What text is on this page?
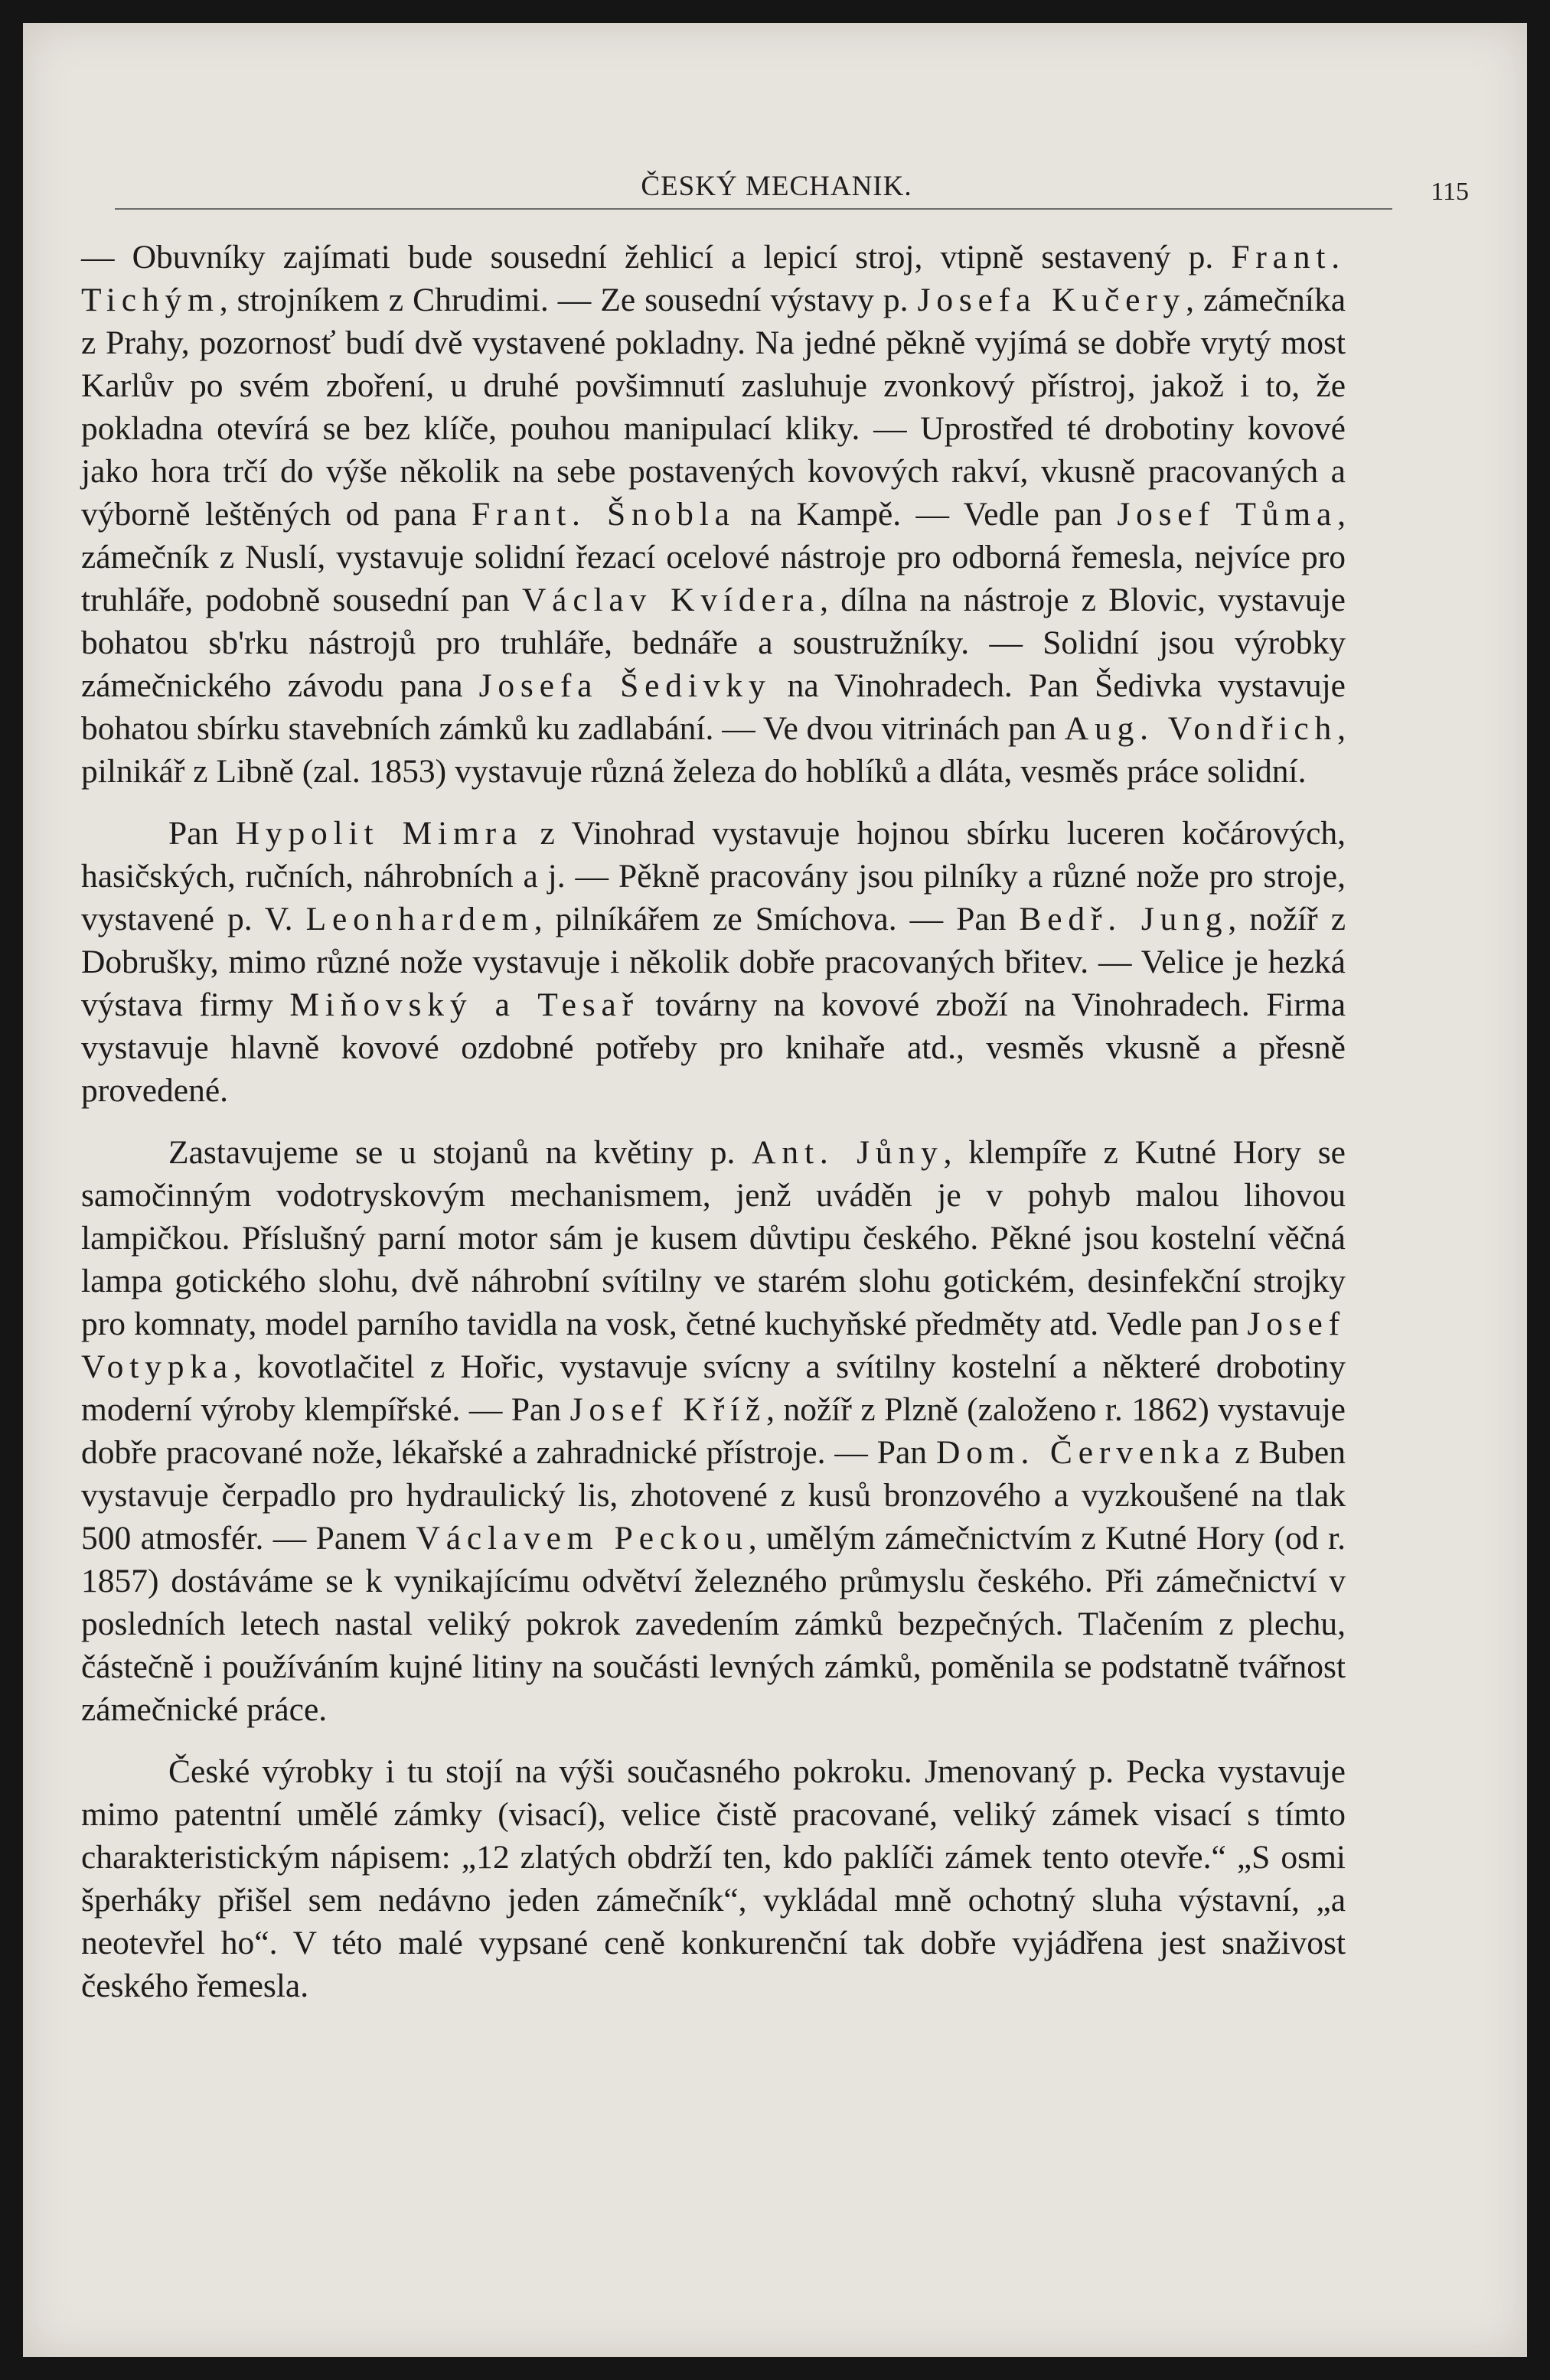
ČESKÝ MECHANIK.	115

— Obuvníky zajímati bude sousední žehlicí a lepicí stroj, vtipně sestavený p. Frant. Tichým, strojníkem z Chrudimi. — Ze sousední výstavy p. Josefa Kučery, zámečníka z Prahy, pozornosť budí dvě vystavené pokladny. Na jedné pěkně vyjímá se dobře vrytý most Karlův po svém zboření, u druhé povšimnutí zasluhuje zvonkový přístroj, jakož i to, že pokladna otevírá se bez klíče, pouhou manipulací kliky. — Uprostřed té drobotiny kovové jako hora trčí do výše několik na sebe postavených kovových rakví, vkusně pracovaných a výborně leštěných od pana Frant. Šnobla na Kampě. — Vedle pan Josef Tůma, zámečník z Nuslí, vystavuje solidní řezací ocelové nástroje pro odborná řemesla, nejvíce pro truhláře, podobně sousední pan Václav Kvídera, dílna na nástroje z Blovic, vystavuje bohatou sb'rku nástrojů pro truhláře, bednáře a soustružníky. — Solidní jsou výrobky zámečnického závodu pana Josefa Šedivky na Vinohradech. Pan Šedivka vystavuje bohatou sbírku stavebních zámků ku zadlabání. — Ve dvou vitrinách pan Aug. Vondřich, pilnikář z Libně (zal. 1853) vystavuje různá železa do hoblíků a dláta, vesměs práce solidní.

Pan Hypolit Mimra z Vinohrad vystavuje hojnou sbírku luceren kočárových, hasičských, ručních, náhrobních a j. — Pěkně pracovány jsou pilníky a různé nože pro stroje, vystavené p. V. Leonhardem, pilníkářem ze Smíchova. — Pan Bedř. Jung, nožíř z Dobrušky, mimo různé nože vystavuje i několik dobře pracovaných břitev. — Velice je hezká výstava firmy Miňovský a Tesař továrny na kovové zboží na Vinohradech. Firma vystavuje hlavně kovové ozdobné potřeby pro knihaře atd., vesměs vkusně a přesně provedené.

Zastavujeme se u stojanů na květiny p. Ant. Jůny, klempíře z Kutné Hory se samočinným vodotryskovým mechanismem, jenž uváděn je v pohyb malou lihovou lampičkou. Příslušný parní motor sám je kusem důvtipu českého. Pěkné jsou kostelní věčná lampa gotického slohu, dvě náhrobní svítilny ve starém slohu gotickém, desinfekční strojky pro komnaty, model parního tavidla na vosk, četné kuchyňské předměty atd. Vedle pan Josef Votypka, kovotlačitel z Hořic, vystavuje svícny a svítilny kostelní a některé drobotiny moderní výroby klempířské. — Pan Josef Kříž, nožíř z Plzně (založeno r. 1862) vystavuje dobře pracované nože, lékařské a zahradnické přístroje. — Pan Dom. Červenka z Buben vystavuje čerpadlo pro hydraulický lis, zhotovené z kusů bronzového a vyzkoušené na tlak 500 atmosfér. — Panem Václavem Peckou, umělým zámečnictvím z Kutné Hory (od r. 1857) dostáváme se k vynikajícímu odvětví železného průmyslu českého. Při zámečnictví v posledních letech nastal veliký pokrok zavedením zámků bezpečných. Tlačením z plechu, částečně i používáním kujné litiny na součásti levných zámků, poměnila se podstatně tvářnost zámečnické práce.

České výrobky i tu stojí na výši současného pokroku. Jmenovaný p. Pecka vystavuje mimo patentní umělé zámky (visací), velice čistě pracované, veliký zámek visací s tímto charakteristickým nápisem: „12 zlatých obdrží ten, kdo paklíči zámek tento otevře.“ „S osmi šperháky přišel sem nedávno jeden zámečník“, vykládal mně ochotný sluha výstavní, „a neotevřel ho“. V této malé vypsané ceně konkurenční tak dobře vyjádřena jest snaživost českého řemesla.
